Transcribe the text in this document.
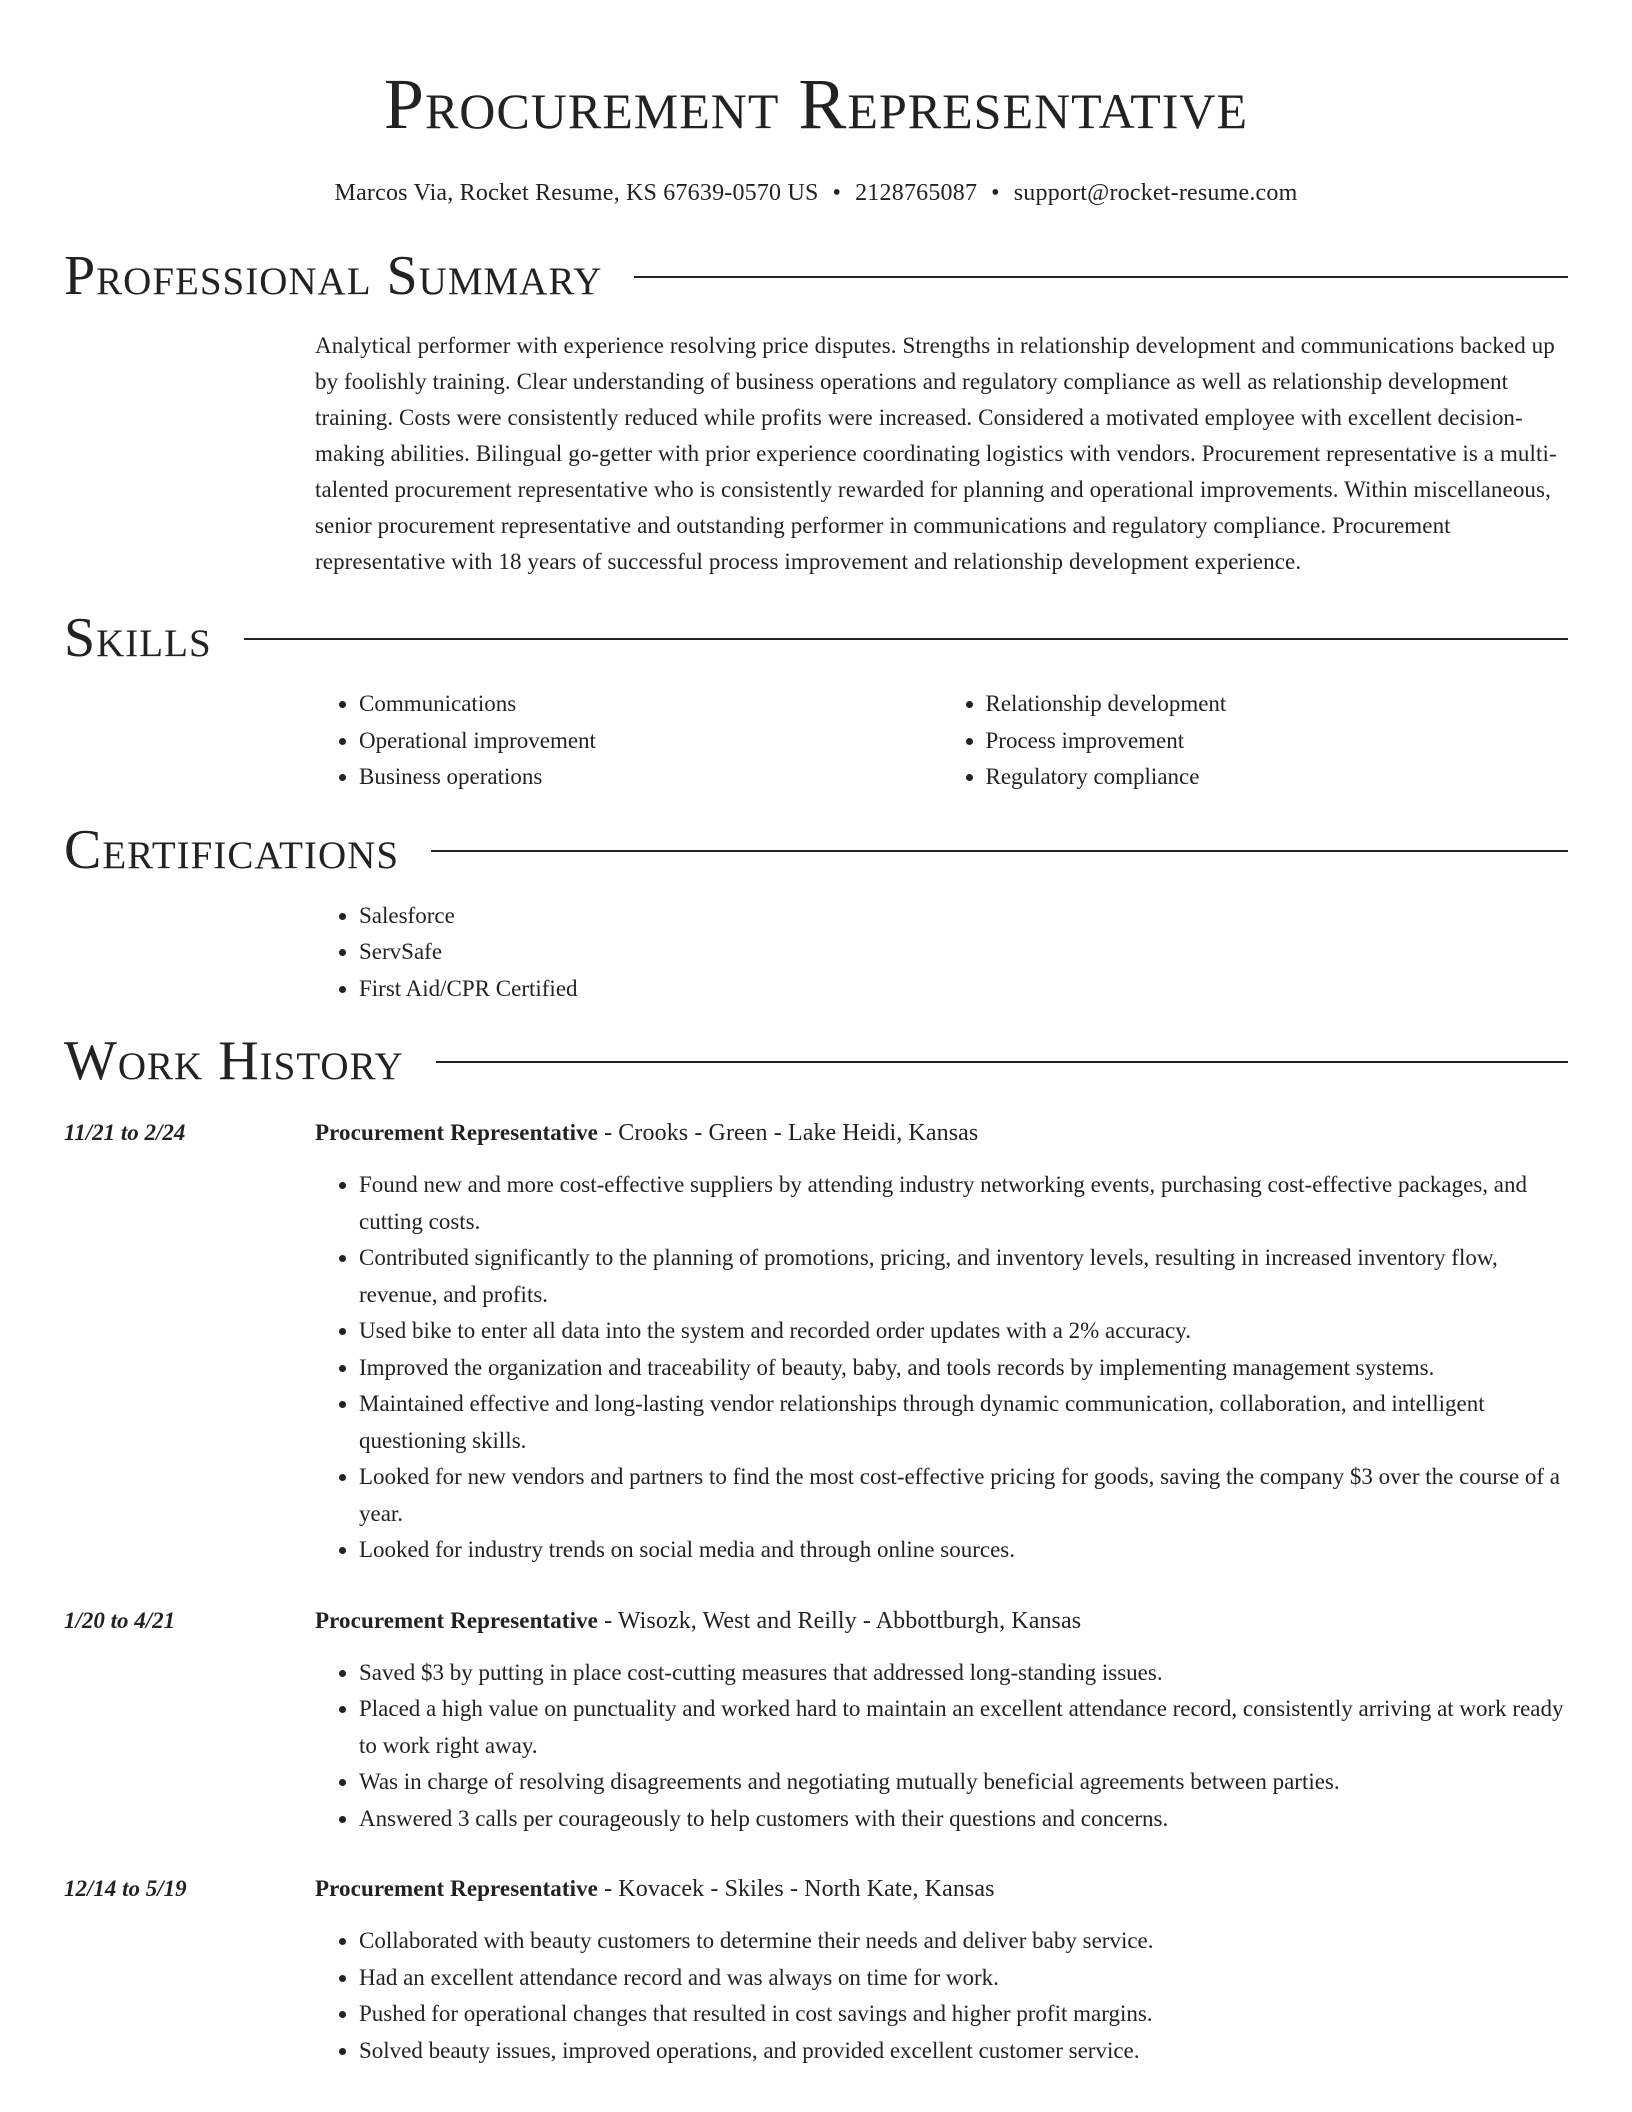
Procurement Representative
Marcos Via, Rocket Resume, KS 67639-0570 US • 2128765087 • support@rocket-resume.com
Professional Summary
Analytical performer with experience resolving price disputes. Strengths in relationship development and communications backed up by foolishly training. Clear understanding of business operations and regulatory compliance as well as relationship development training. Costs were consistently reduced while profits were increased. Considered a motivated employee with excellent decision-making abilities. Bilingual go-getter with prior experience coordinating logistics with vendors. Procurement representative is a multi-talented procurement representative who is consistently rewarded for planning and operational improvements. Within miscellaneous, senior procurement representative and outstanding performer in communications and regulatory compliance. Procurement representative with 18 years of successful process improvement and relationship development experience.
Skills
• Communications
• Operational improvement
• Business operations
• Relationship development
• Process improvement
• Regulatory compliance
Certifications
• Salesforce
• ServSafe
• First Aid/CPR Certified
Work History
11/21 to 2/24	Procurement Representative - Crooks - Green - Lake Heidi, Kansas
• Found new and more cost-effective suppliers by attending industry networking events, purchasing cost-effective packages, and cutting costs.
• Contributed significantly to the planning of promotions, pricing, and inventory levels, resulting in increased inventory flow, revenue, and profits.
• Used bike to enter all data into the system and recorded order updates with a 2% accuracy.
• Improved the organization and traceability of beauty, baby, and tools records by implementing management systems.
• Maintained effective and long-lasting vendor relationships through dynamic communication, collaboration, and intelligent questioning skills.
• Looked for new vendors and partners to find the most cost-effective pricing for goods, saving the company $3 over the course of a year.
• Looked for industry trends on social media and through online sources.
1/20 to 4/21	Procurement Representative - Wisozk, West and Reilly - Abbottburgh, Kansas
• Saved $3 by putting in place cost-cutting measures that addressed long-standing issues.
• Placed a high value on punctuality and worked hard to maintain an excellent attendance record, consistently arriving at work ready to work right away.
• Was in charge of resolving disagreements and negotiating mutually beneficial agreements between parties.
• Answered 3 calls per courageously to help customers with their questions and concerns.
12/14 to 5/19	Procurement Representative - Kovacek - Skiles - North Kate, Kansas
• Collaborated with beauty customers to determine their needs and deliver baby service.
• Had an excellent attendance record and was always on time for work.
• Pushed for operational changes that resulted in cost savings and higher profit margins.
• Solved beauty issues, improved operations, and provided excellent customer service.
